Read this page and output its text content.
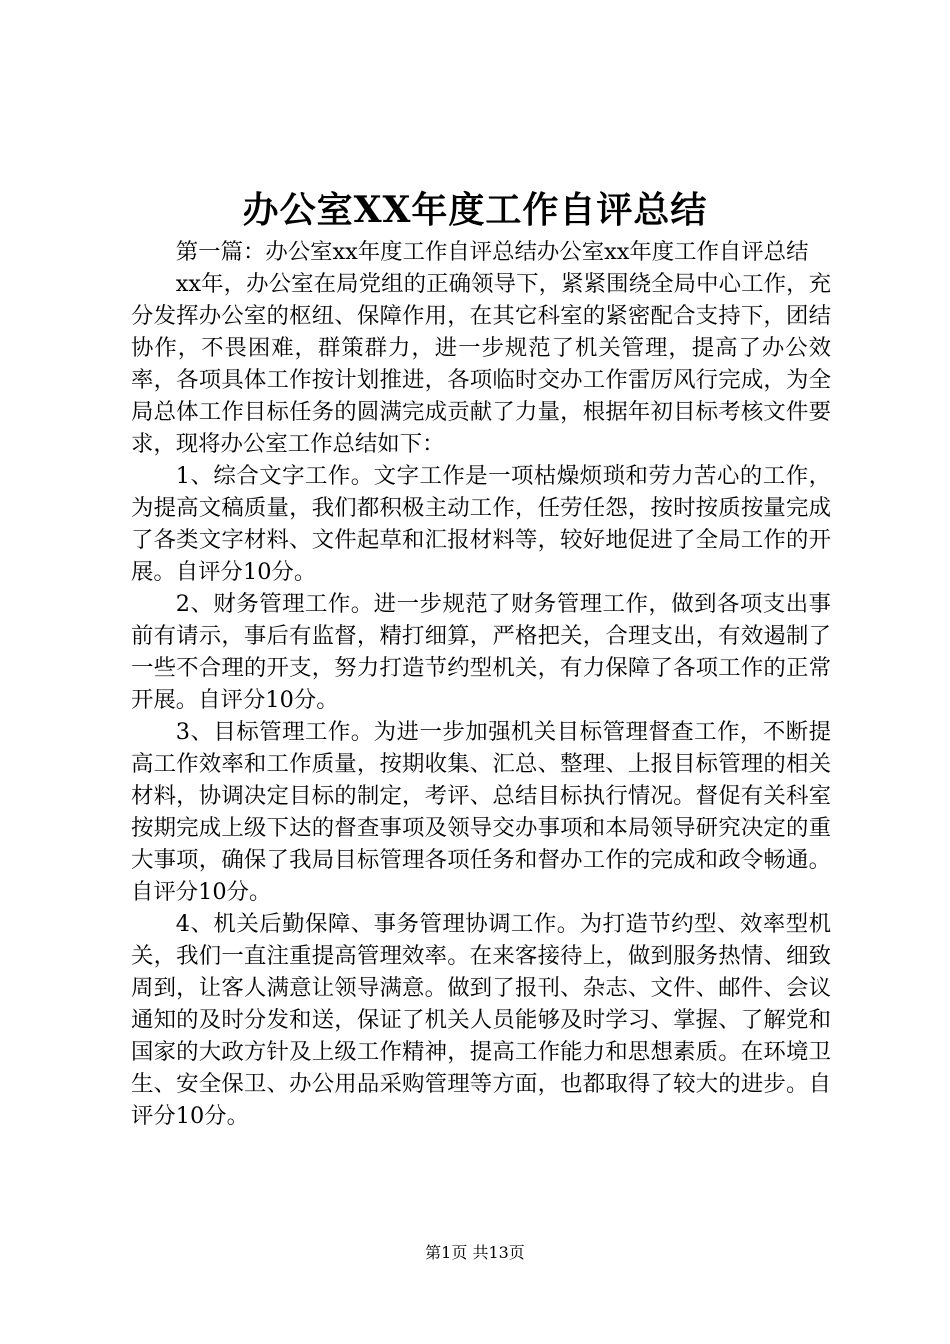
办公室XX年度工作自评总结

第一篇：办公室xx年度工作自评总结办公室xx年度工作自评总结

xx年，办公室在局党组的正确领导下，紧紧围绕全局中心工作，充分发挥办公室的枢纽、保障作用，在其它科室的紧密配合支持下，团结协作，不畏困难，群策群力，进一步规范了机关管理，提高了办公效率，各项具体工作按计划推进，各项临时交办工作雷厉风行完成，为全局总体工作目标任务的圆满完成贡献了力量，根据年初目标考核文件要求，现将办公室工作总结如下：

1、综合文字工作。文字工作是一项枯燥烦琐和劳力苦心的工作，为提高文稿质量，我们都积极主动工作，任劳任怨，按时按质按量完成了各类文字材料、文件起草和汇报材料等，较好地促进了全局工作的开展。自评分10分。

2、财务管理工作。进一步规范了财务管理工作，做到各项支出事前有请示，事后有监督，精打细算，严格把关，合理支出，有效遏制了一些不合理的开支，努力打造节约型机关，有力保障了各项工作的正常开展。自评分10分。

3、目标管理工作。为进一步加强机关目标管理督查工作，不断提高工作效率和工作质量，按期收集、汇总、整理、上报目标管理的相关材料，协调决定目标的制定，考评、总结目标执行情况。督促有关科室按期完成上级下达的督查事项及领导交办事项和本局领导研究决定的重大事项，确保了我局目标管理各项任务和督办工作的完成和政令畅通。自评分10分。

4、机关后勤保障、事务管理协调工作。为打造节约型、效率型机关，我们一直注重提高管理效率。在来客接待上，做到服务热情、细致周到，让客人满意让领导满意。做到了报刊、杂志、文件、邮件、会议通知的及时分发和送，保证了机关人员能够及时学习、掌握、了解党和国家的大政方针及上级工作精神，提高工作能力和思想素质。在环境卫生、安全保卫、办公用品采购管理等方面，也都取得了较大的进步。自评分10分。

第1页 共13页
